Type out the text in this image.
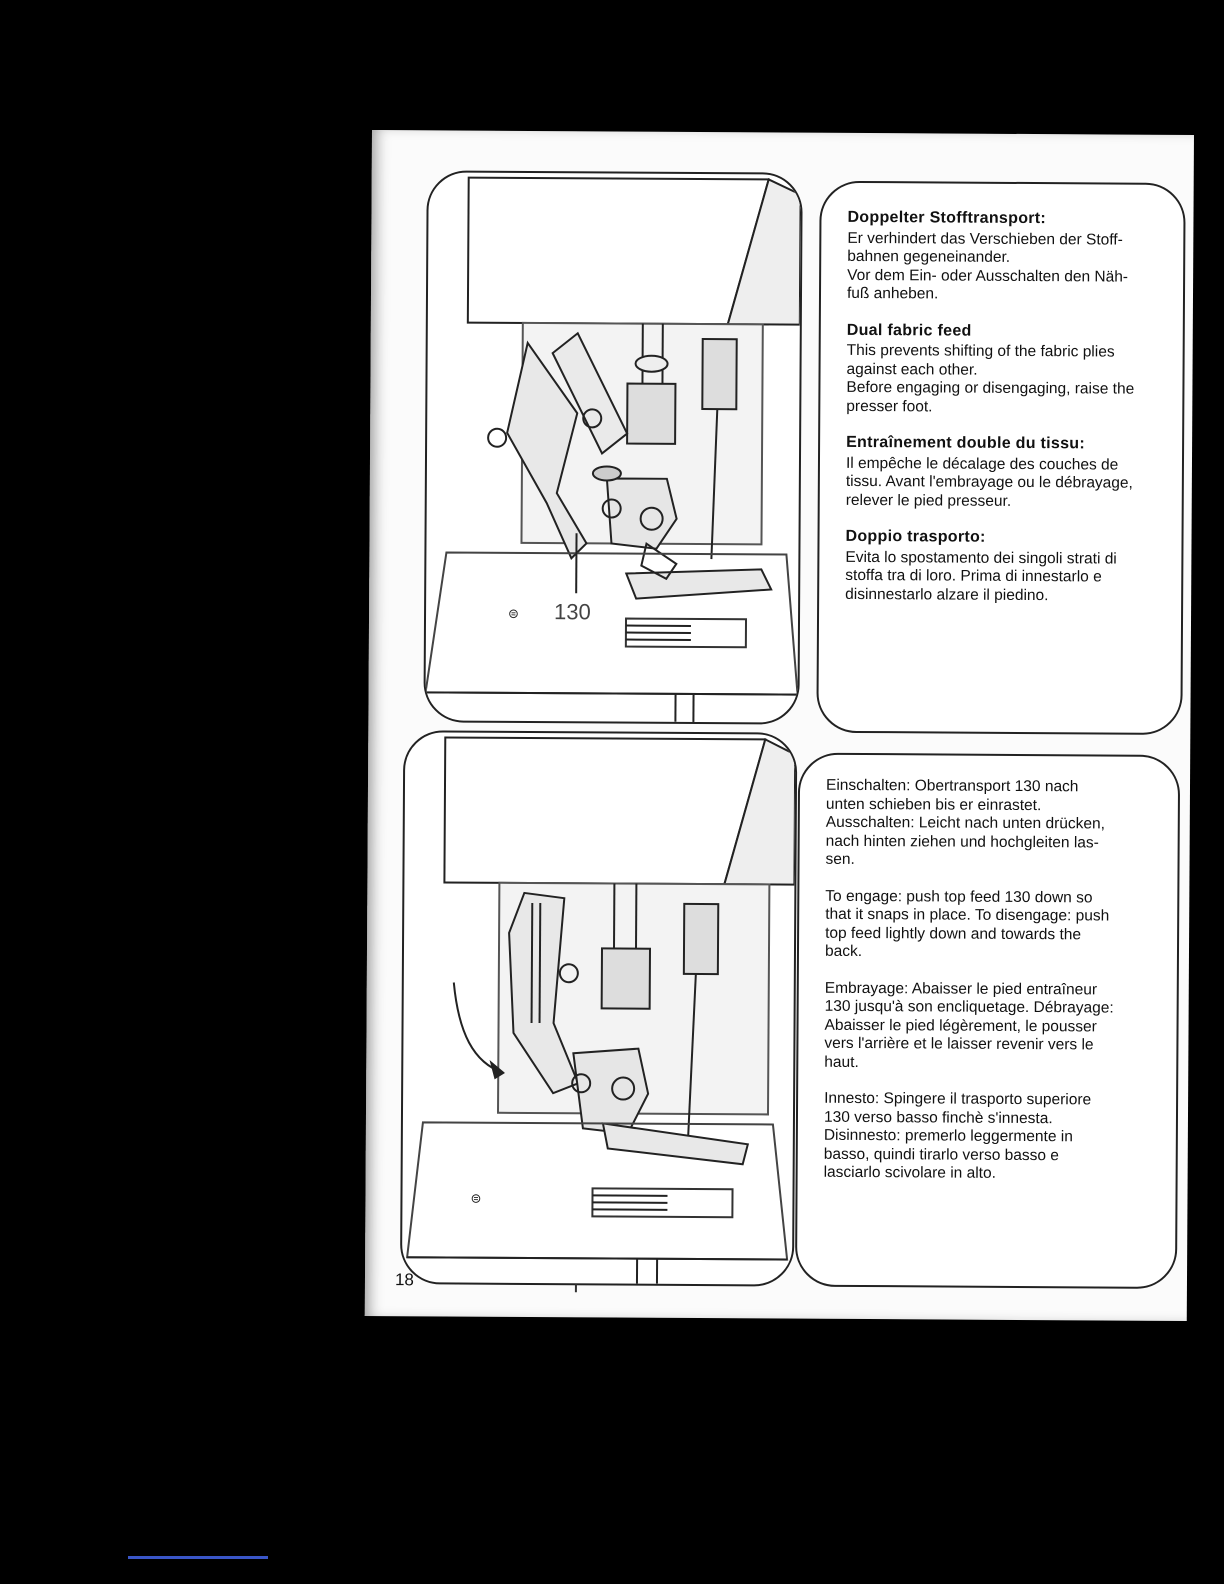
⊜ 130
Doppelter Stofftransport:

Er verhindert das Verschieben der Stoff-

bahnen gegeneinander.

Vor dem Ein- oder Ausschalten den Näh-

fuß anheben.

Dual fabric feed

This prevents shifting of the fabric plies

against each other.

Before engaging or disengaging, raise the

presser foot.

Entraînement double du tissu:

Il empêche le décalage des couches de

tissu. Avant l'embrayage ou le débrayage,

relever le pied presseur.

Doppio trasporto:

Evita lo spostamento dei singoli strati di

stoffa tra di loro. Prima di innestarlo e

disinnestarlo alzare il piedino.

⊜

Einschalten: Obertransport 130 nach

unten schieben bis er einrastet.

Ausschalten: Leicht nach unten drücken,

nach hinten ziehen und hochgleiten las-

sen.

To engage: push top feed 130 down so

that it snaps in place. To disengage: push

top feed lightly down and towards the

back.

Embrayage: Abaisser le pied entraîneur

130 jusqu'à son encliquetage. Débrayage:

Abaisser le pied légèrement, le pousser

vers l'arrière et le laisser revenir vers le

haut.

Innesto: Spingere il trasporto superiore

130 verso basso finchè s'innesta.

Disinnesto: premerlo leggermente in

basso, quindi tirarlo verso basso e

lasciarlo scivolare in alto.

18
